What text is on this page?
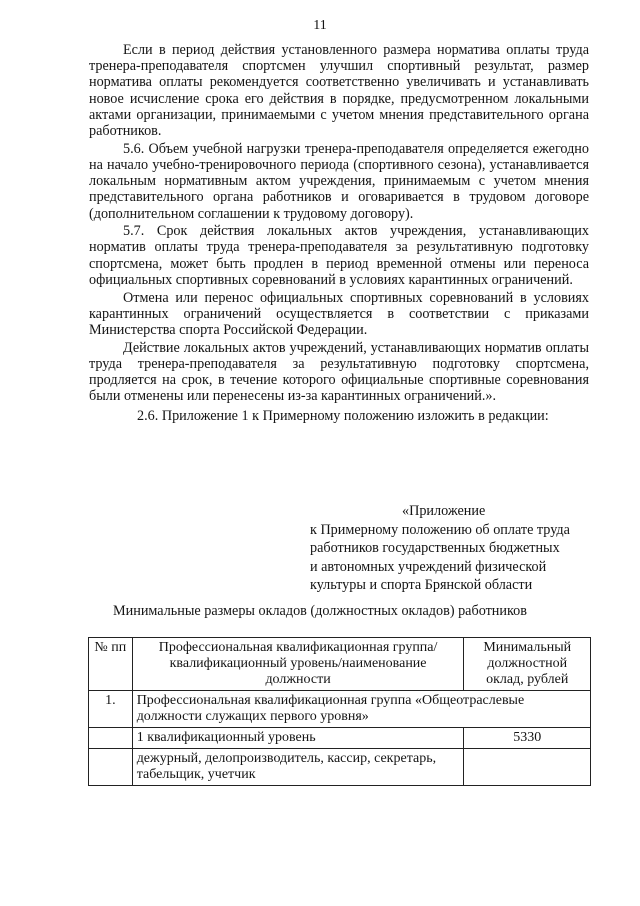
11

Если в период действия установленного размера норматива оплаты труда тренера-преподавателя спортсмен улучшил спортивный результат, размер норматива оплаты рекомендуется соответственно увеличивать и устанавливать новое исчисление срока его действия в порядке, предусмотренном локальными актами организации, принимаемыми с учетом мнения представительного органа работников.

5.6. Объем учебной нагрузки тренера-преподавателя определяется ежегодно на начало учебно-тренировочного периода (спортивного сезона), устанавливается локальным нормативным актом учреждения, принимаемым с учетом мнения представительного органа работников и оговаривается в трудовом договоре (дополнительном соглашении к трудовому договору).

5.7. Срок действия локальных актов учреждения, устанавливающих норматив оплаты труда тренера-преподавателя за результативную подготовку спортсмена, может быть продлен в период временной отмены или переноса официальных спортивных соревнований в условиях карантинных ограничений.

Отмена или перенос официальных спортивных соревнований в условиях карантинных ограничений осуществляется в соответствии с приказами Министерства спорта Российской Федерации.

Действие локальных актов учреждений, устанавливающих норматив оплаты труда тренера-преподавателя за результативную подготовку спортсмена, продляется на срок, в течение которого официальные спортивные соревнования были отменены или перенесены из-за карантинных ограничений.».

2.6. Приложение 1 к Примерному положению изложить в редакции:

«Приложение
к Примерному положению об оплате труда
работников государственных бюджетных
и автономных учреждений физической
культуры и спорта Брянской области
Минимальные размеры окладов (должностных окладов) работников
№ пп	Профессиональная квалификационная группа/квалификационный уровень/наименование должности	Минимальный должностной оклад, рублей
1.	Профессиональная квалификационная группа «Общеотраслевые должности служащих первого уровня»	
	1 квалификационный уровень	5330
	дежурный, делопроизводитель, кассир, секретарь, табельщик, учетчик	
